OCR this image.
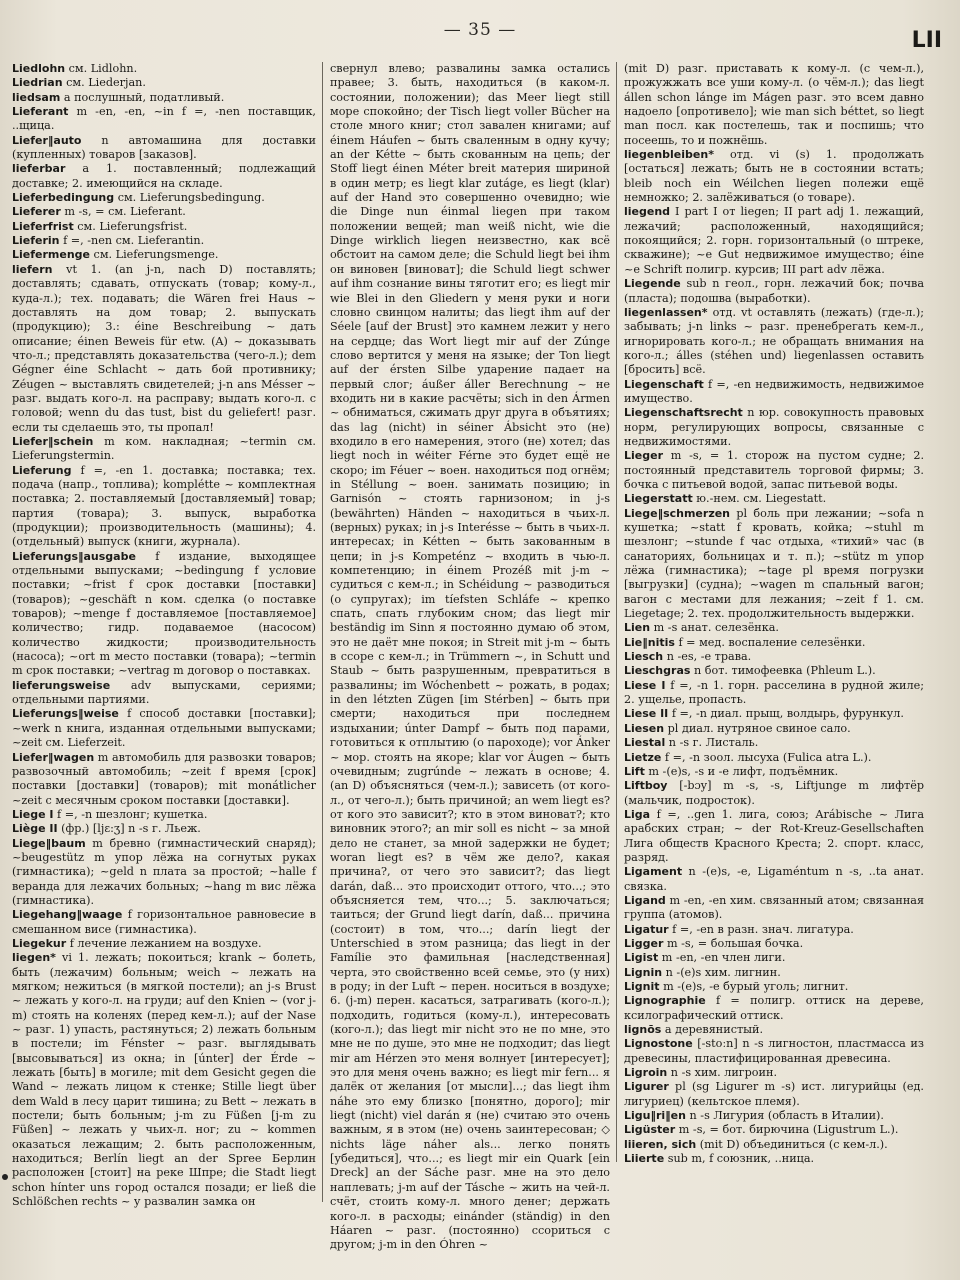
— 35 —	LII
Liedlohn см. Lidlohn.
Liedrian см. Liederjan.
liedsam a послушный, податливый.
Lieferant m -en, -en, ~in f =, -nen поставщик, ..щица.
Liefer‖auto n автомашина для доставки (купленных) товаров [заказов].
lieferbar a 1. поставленный; подлежащий доставке; 2. имеющийся на складе.
Lieferbedingung см. Lieferungsbedingung.
Lieferer m -s, = см. Lieferant.
Lieferfrist см. Lieferungsfrist.
Lieferin f =, -nen см. Lieferantin.
Liefermenge см. Lieferungsmenge.
liefern vt 1. (an j-n, nach D) поставлять; доставлять; сдавать, отпускать (товар; кому-л., куда-л.); тех. подавать; die Wären frei Haus ~ доставлять на дом товар; 2. выпускать (продукцию); 3.: éine Beschreibung ~ дать описание; éinen Beweis für etw. (A) ~ доказывать что-л.; представлять доказательства (чего-л.); dem Gégner éine Schlacht ~ дать бой противнику; Zéugen ~ выставлять свидетелей; j-n ans Mésser ~ разг. выдать кого-л. на расправу; выдать кого-л. с головой; wenn du das tust, bist du geliefert! разг. если ты сделаешь это, ты пропал!
Liefer‖schein m ком. накладная; ~termin см. Lieferungstermin.
Lieferung f =, -en 1. доставка; поставка; тех. подача (напр., топлива); komplétte ~ комплектная поставка; 2. поставляемый [доставляемый] товар; партия (товара); 3. выпуск, выработка (продукции); производительность (машины); 4. (отдельный) выпуск (книги, журнала).
Lieferungs‖ausgabe f издание, выходящее отдельными выпусками; ~bedingung f условие поставки; ~frist f срок доставки [поставки] (товаров); ~geschäft n ком. сделка (о поставке товаров); ~menge f доставляемое [поставляемое] количество; гидр. подаваемое (насосом) количество жидкости; производительность (насоса); ~ort m место поставки (товара); ~termin m срок поставки; ~vertrag m договор о поставках.
lieferungsweise adv выпусками, сериями; отдельными партиями.
Lieferungs‖weise f способ доставки [поставки]; ~werk n книга, изданная отдельными выпусками; ~zeit см. Lieferzeit.
Liefer‖wagen m автомобиль для развозки товаров; развозочный автомобиль; ~zeit f время [срок] поставки [доставки] (товаров); mit monátlicher ~zeit с месячным сроком поставки [доставки].
Liege I f =, -n шезлонг; кушетка.
Liège II (фр.) [ljɛ:ʒ] n -s г. Льеж.
Liege‖baum m бревно (гимнастический снаряд); ~beugestütz m упор лёжа на согнутых руках (гимнастика); ~geld n плата за простой; ~halle f веранда для лежачих больных; ~hang m вис лёжа (гимнастика).
Liegehang‖waage f горизонтальное равновесие в смешанном висе (гимнастика).
Liegekur f лечение лежанием на воздухе.
liegen* vi 1. лежать; покоиться; krank ~ болеть, быть (лежачим) больным; weich ~ лежать на мягком; нежиться (в мягкой постели); an j-s Brust ~ лежать у кого-л. на груди; auf den Knien ~ (vor j-m) стоять на коленях (перед кем-л.); auf der Nase ~ разг. 1) упасть, растянуться; 2) лежать больным в постели; im Fénster ~ разг. выглядывать [высовываться] из окна; in [únter] der Érde ~ лежать [быть] в могиле; mit dem Gesicht gegen die Wand ~ лежать лицом к стенке; Stille liegt über dem Wald в лесу царит тишина; zu Bett ~ лежать в постели; быть больным; j-m zu Füßen [j-m zu Füßen] ~ лежать у чьих-л. ног; zu ~ kommen оказаться лежащим; 2. быть расположенным, находиться; Berlín liegt an der Spree Берлин расположен [стоит] на реке Шпре; die Stadt liegt schon hínter uns город остался позади; er ließ die Schlößchen rechts ~ у развалин замка он
свернул влево; развалины замка остались правее; 3. быть, находиться (в каком-л. состоянии, положении); das Meer liegt still море спокойно; der Tisch liegt voller Bücher на столе много книг; стол завален книгами; auf éinem Háufen ~ быть сваленным в одну кучу; an der Kétte ~ быть скованным на цепь; der Stoff liegt éinen Méter breit материя шириной в один метр; es liegt klar zutáge, es liegt (klar) auf der Hand это совершенно очевидно; wie die Dinge nun éinmal liegen при таком положении вещей; man weiß nicht, wie die Dinge wirklich liegen неизвестно, как всё обстоит на самом деле; die Schuld liegt bei ihm он виновен [виноват]; die Schuld liegt schwer auf ihm сознание вины тяготит его; es liegt mir wie Blei in den Gliedern у меня руки и ноги словно свинцом налиты; das liegt ihm auf der Séele [auf der Brust] это камнем лежит у него на сердце; das Wort liegt mir auf der Zúnge слово вертится у меня на языке; der Ton liegt auf der érsten Silbe ударение падает на первый слог; áußer áller Berechnung ~ не входить ни в какие расчёты; sich in den Ármen ~ обниматься, сжимать друг друга в объятиях; das lag (nicht) in séiner Ábsicht это (не) входило в его намерения, этого (не) хотел; das liegt noch in wéiter Férne это будет ещё не скоро; im Féuer ~ воен. находиться под огнём; in Stéllung ~ воен. занимать позицию; in Garnisón ~ стоять гарнизоном; in j-s (bewährten) Händen ~ находиться в чьих-л. (верных) руках; in j-s Interésse ~ быть в чьих-л. интересах; in Kétten ~ быть закованным в цепи; in j-s Kompeténz ~ входить в чью-л. компетенцию; in éinem Prozéß mit j-m ~ судиться с кем-л.; in Schéidung ~ разводиться (о супругах); im tíefsten Schláfe ~ крепко спать, спать глубоким сном; das liegt mir beständig im Sinn я постоянно думаю об этом, это не даёт мне покоя; in Streit mit j-m ~ быть в ссоре с кем-л.; in Trümmern ~, in Schutt und Staub ~ быть разрушенным, превратиться в развалины; im Wóchenbett ~ рожать, в родах; in den létzten Zügen [im Stérben] ~ быть при смерти; находиться при последнем издыхании; únter Dampf ~ быть под парами, готовиться к отплытию (о пароходе); vor Ánker ~ мор. стоять на якоре; klar vor Áugen ~ быть очевидным; zugrúnde ~ лежать в основе; 4. (an D) объясняться (чем-л.); зависеть (от кого-л., от чего-л.); быть причиной; an wem liegt es? от кого это зависит?; кто в этом виноват?; кто виновник этого?; an mir soll es nicht ~ за мной дело не станет, за мной задержки не будет; woran liegt es? в чём же дело?, какая причина?, от чего это зависит?; das liegt darán, daß... это происходит оттого, что...; это объясняется тем, что...; 5. заключаться; таиться; der Grund liegt darín, daß... причина (состоит) в том, что...; darín liegt der Unterschied в этом разница; das liegt in der Famílie это фамильная [наследственная] черта, это свойственно всей семье, это (у них) в роду; in der Luft ~ перен. носиться в воздухе; 6. (j-m) перен. касаться, затрагивать (кого-л.); подходить, годиться (кому-л.), интересовать (кого-л.); das liegt mir nicht это не по мне, это мне не по душе, это мне не подходит; das liegt mir am Hérzen это меня волнует [интересует]; это для меня очень важно; es liegt mir fern... я далёк от желания [от мысли]...; das liegt ihm náhe это ему близко [понятно, дорого]; mir liegt (nicht) viel darán я (не) считаю это очень важным, я в этом (не) очень заинтересован; ◇ nichts läge náher als... легко понять [убедиться], что...; es liegt mir ein Quark [ein Dreck] an der Sáche разг. мне на это дело наплевать; j-m auf der Tásche ~ жить на чей-л. счёт, стоить кому-л. много денег; держать кого-л. в расходы; einánder (ständig) in den Háaren ~ разг. (постоянно) ссориться с другом; j-m in den Óhren ~
(mit D) разг. приставать к кому-л. (с чем-л.), прожужжать все уши кому-л. (о чём-л.); das liegt állen schon lánge im Mágen разг. это всем давно надоело [опротивело]; wie man sich béttet, so liegt man посл. как постелешь, так и поспишь; что посеешь, то и пожнёшь.
liegenbleiben* отд. vi (s) 1. продолжать [остаться] лежать; быть не в состоянии встать; bleib noch ein Wéilchen liegen полежи ещё немножко; 2. залёживаться (о товаре).
liegend I part I от liegen; II part adj 1. лежащий, лежачий; расположенный, находящийся; покоящийся; 2. горн. горизонтальный (о штреке, скважине); ~e Gut недвижимое имущество; éine ~e Schrift полигр. курсив; III part adv лёжа.
Liegende sub n геол., горн. лежачий бок; почва (пласта); подошва (выработки).
liegenlassen* отд. vt оставлять (лежать) (где-л.); забывать; j-n links ~ разг. пренебрегать кем-л., игнорировать кого-л.; не обращать внимания на кого-л.; álles (stéhen und) liegenlassen оставить [бросить] всё.
Liegenschaft f =, -en недвижимость, недвижимое имущество.
Liegenschaftsrecht n юр. совокупность правовых норм, регулирующих вопросы, связанные с недвижимостями.
Lieger m -s, = 1. сторож на пустом судне; 2. постоянный представитель торговой фирмы; 3. бочка с питьевой водой, запас питьевой воды.
Liegerstatt ю.-нем. см. Liegestatt.
Liege‖schmerzen pl боль при лежании; ~sofa n кушетка; ~statt f кровать, койка; ~stuhl m шезлонг; ~stunde f час отдыха, «тихий» час (в санаториях, больницах и т. п.); ~stütz m упор лёжа (гимнастика); ~tage pl время погрузки [выгрузки] (судна); ~wagen m спальный вагон; вагон с местами для лежания; ~zeit f 1. см. Liegetage; 2. тех. продолжительность выдержки.
Lien m -s анат. селезёнка.
Lie‖nitis f = мед. воспаление селезёнки.
Liesch n -es, -e трава.
Lieschgras n бот. тимофеевка (Phleum L.).
Liese I f =, -n 1. горн. расселина в рудной жиле; 2. ущелье, пропасть.
Liese II f =, -n диал. прыщ, волдырь, фурункул.
Liesen pl диал. нутряное свиное сало.
Liestal n -s г. Листаль.
Lietze f =, -n зоол. лысуха (Fulica atra L.).
Lift m -(e)s, -s и -e лифт, подъёмник.
Liftboy [-bɔy] m -s, -s, Liftjunge m лифтёр (мальчик, подросток).
Liga f =, ..gen 1. лига, союз; Arábische ~ Лига арабских стран; ~ der Rot-Kreuz-Gesellschaften Лига обществ Красного Креста; 2. спорт. класс, разряд.
Ligament n -(e)s, -e, Ligaméntum n -s, ..ta анат. связка.
Ligand m -en, -en хим. связанный атом; связанная группа (атомов).
Ligatur f =, -en в разн. знач. лигатура.
Ligger m -s, = большая бочка.
Ligist m -en, -en член лиги.
Lignin n -(e)s хим. лигнин.
Lignit m -(e)s, -e бурый уголь; лигнит.
Lignographie f = полигр. оттиск на дереве, ксилографический оттиск.
lignōs a деревянистый.
Lignostone [-stoːn] n -s лигностон, пластмасса из древесины, пластифицированная древесина.
Ligroin n -s хим. лигроин.
Ligurer pl (sg Ligurer m -s) ист. лигурийцы (ед. лигуриец) (кельтское племя).
Ligu‖ri‖en n -s Лигурия (область в Италии).
Ligüster m -s, = бот. бирючина (Ligustrum L.).
liieren, sich (mit D) объединиться (с кем-л.).
Liierte sub m, f союзник, ..ница.
